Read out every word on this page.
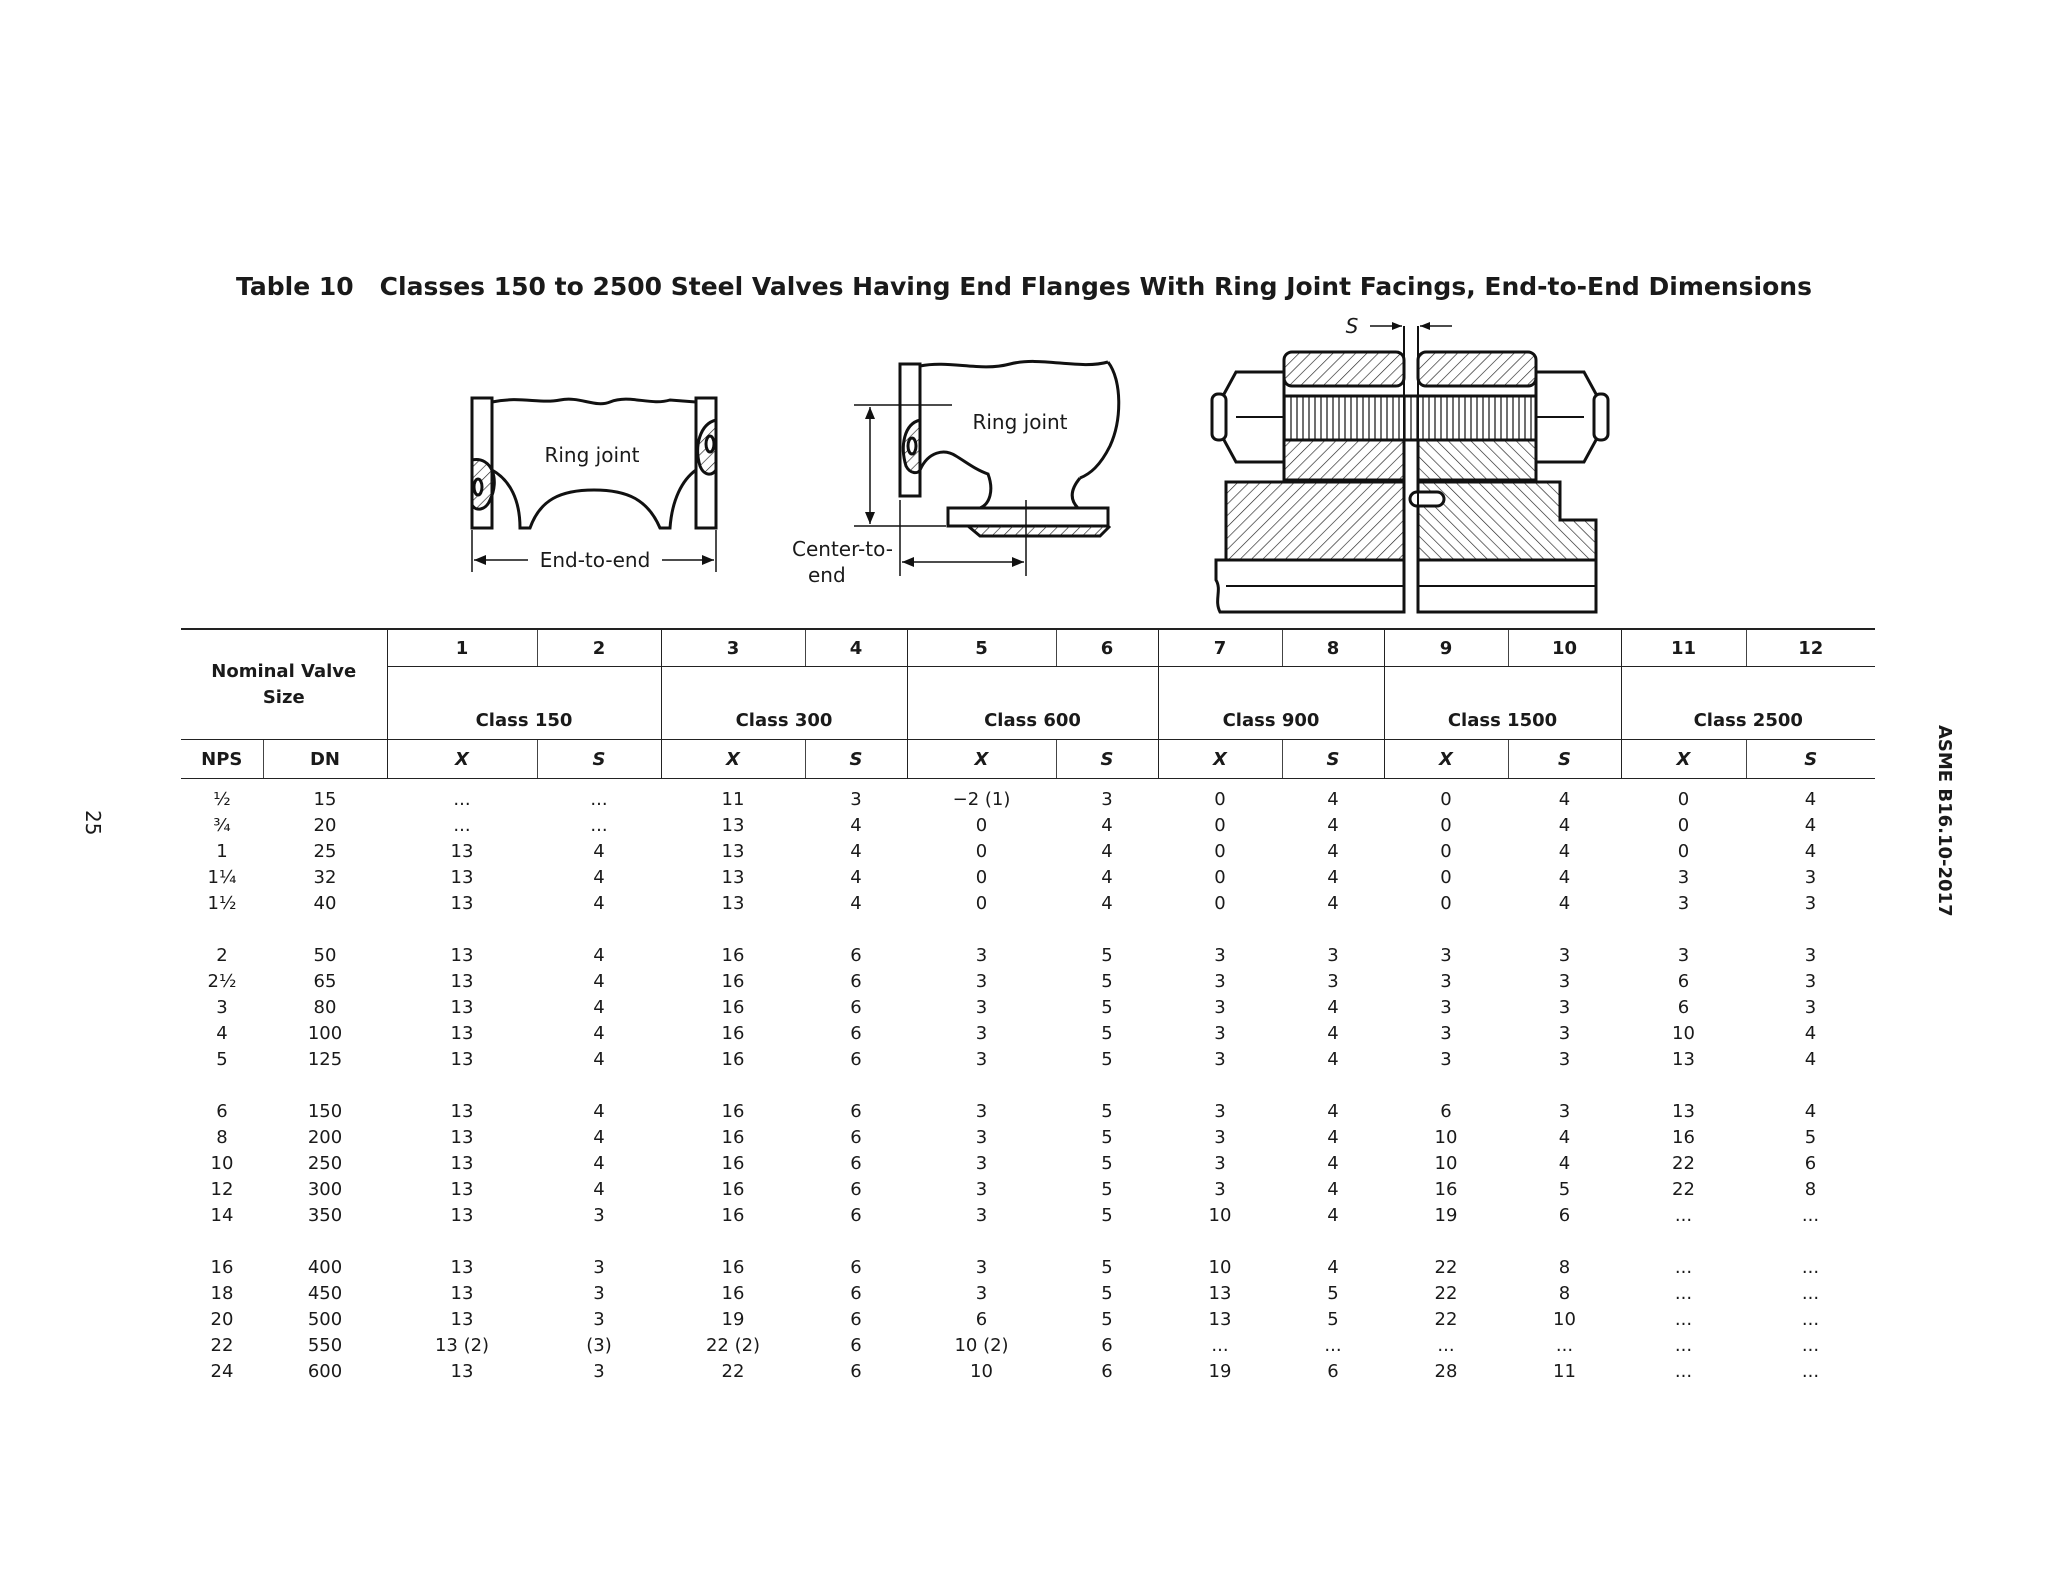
Table 10 Classes 150 to 2500 Steel Valves Having End Flanges With Ring Joint Facings, End-to-End Dimensions
ASME B16.10-2017
25
Ring joint
End-to-end
Ring joint
Center-to-
end
S
Nominal Valve
Size		1	2	3	4	5	6	7	8	9	10	11	12
		Class 150		Class 300		Class 600		Class 900		Class 1500		Class 2500	
NPS	DN	X	S	X	S	X	S	X	S	X	S	X	S
½	15	...	...	11	3	−2 (1)	3	0	4	0	4	0	4
¾	20	...	...	13	4	0	4	0	4	0	4	0	4
1	25	13	4	13	4	0	4	0	4	0	4	0	4
1¼	32	13	4	13	4	0	4	0	4	0	4	3	3
1½	40	13	4	13	4	0	4	0	4	0	4	3	3

2	50	13	4	16	6	3	5	3	3	3	3	3	3
2½	65	13	4	16	6	3	5	3	3	3	3	6	3
3	80	13	4	16	6	3	5	3	4	3	3	6	3
4	100	13	4	16	6	3	5	3	4	3	3	10	4
5	125	13	4	16	6	3	5	3	4	3	3	13	4

6	150	13	4	16	6	3	5	3	4	6	3	13	4
8	200	13	4	16	6	3	5	3	4	10	4	16	5
10	250	13	4	16	6	3	5	3	4	10	4	22	6
12	300	13	4	16	6	3	5	3	4	16	5	22	8
14	350	13	3	16	6	3	5	10	4	19	6	...	...

16	400	13	3	16	6	3	5	10	4	22	8	...	...
18	450	13	3	16	6	3	5	13	5	22	8	...	...
20	500	13	3	19	6	6	5	13	5	22	10	...	...
22	550	13 (2)	(3)	22 (2)	6	10 (2)	6	...	...	...	...	...	...
24	600	13	3	22	6	10	6	19	6	28	11	...	...
